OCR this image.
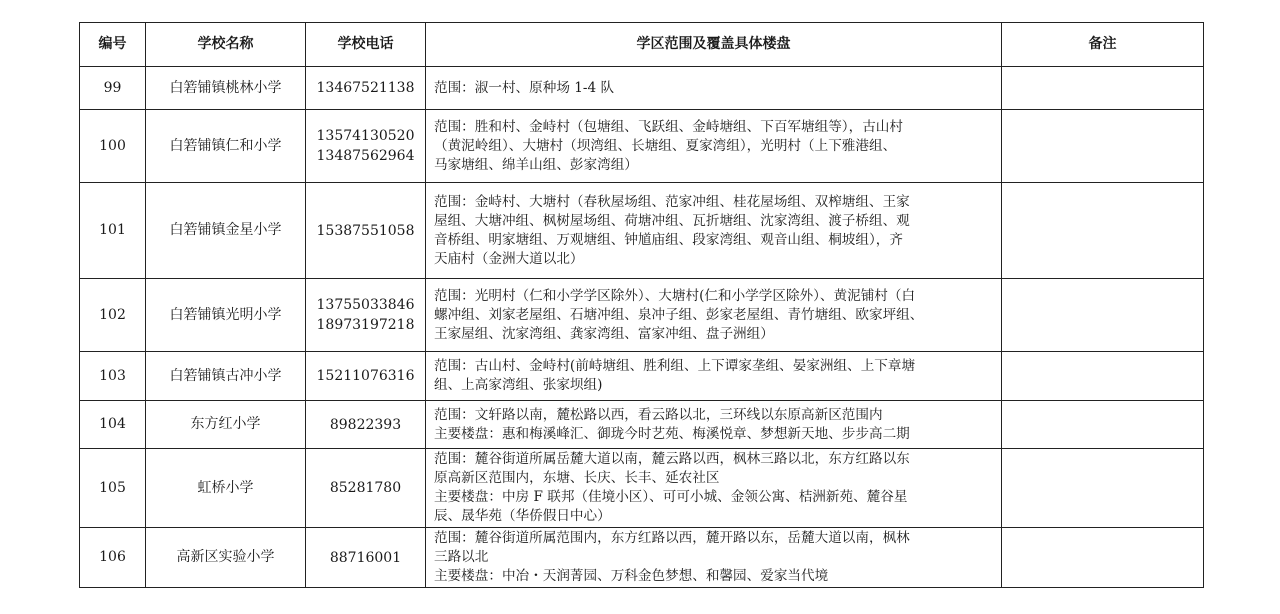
编号	学校名称	学校电话	学区范围及覆盖具体楼盘	备注
99	白箬铺镇桃林小学	13467521138	范围：淑一村、原种场 1-4 队	

100	白箬铺镇仁和小学	13574130520
13487562964	范围：胜和村、金峙村（包塘组、飞跃组、金峙塘组、下百军塘组等），古山村
（黄泥岭组）、大塘村（坝湾组、长塘组、夏家湾组），光明村（上下雅港组、
马家塘组、绵羊山组、彭家湾组）	

101	白箬铺镇金星小学	15387551058	范围：金峙村、大塘村（春秋屋场组、范家冲组、桂花屋场组、双榨塘组、王家
屋组、大塘冲组、枫树屋场组、荷塘冲组、瓦折塘组、沈家湾组、渡子桥组、观
音桥组、明家塘组、万观塘组、钟馗庙组、段家湾组、观音山组、桐坡组），齐
天庙村（金洲大道以北）	

102	白箬铺镇光明小学	13755033846
18973197218	范围：光明村（仁和小学学区除外）、大塘村(仁和小学学区除外）、黄泥铺村（白
螺冲组、刘家老屋组、石塘冲组、泉冲子组、彭家老屋组、青竹塘组、欧家坪组、
王家屋组、沈家湾组、龚家湾组、富家冲组、盘子洲组）	

103	白箬铺镇古冲小学	15211076316	范围：古山村、金峙村(前峙塘组、胜利组、上下谭家垄组、晏家洲组、上下章塘
组、上高家湾组、张家坝组)	

104	东方红小学	89822393	范围：文轩路以南，麓松路以西，看云路以北，三环线以东原高新区范围内
主要楼盘：惠和梅溪峰汇、御珑今时艺苑、梅溪悦章、梦想新天地、步步高二期	

105	虹桥小学	85281780	范围：麓谷街道所属岳麓大道以南，麓云路以西，枫林三路以北，东方红路以东
原高新区范围内，东塘、长庆、长丰、延农社区
主要楼盘：中房 F 联邦（佳境小区）、可可小城、金领公寓、桔洲新苑、麓谷星
辰、晟华苑（华侨假日中心）	

106	高新区实验小学	88716001	范围：麓谷街道所属范围内，东方红路以西，麓开路以东，岳麓大道以南，枫林
三路以北
主要楼盘：中冶・天润菁园、万科金色梦想、和馨园、爱家当代境	
